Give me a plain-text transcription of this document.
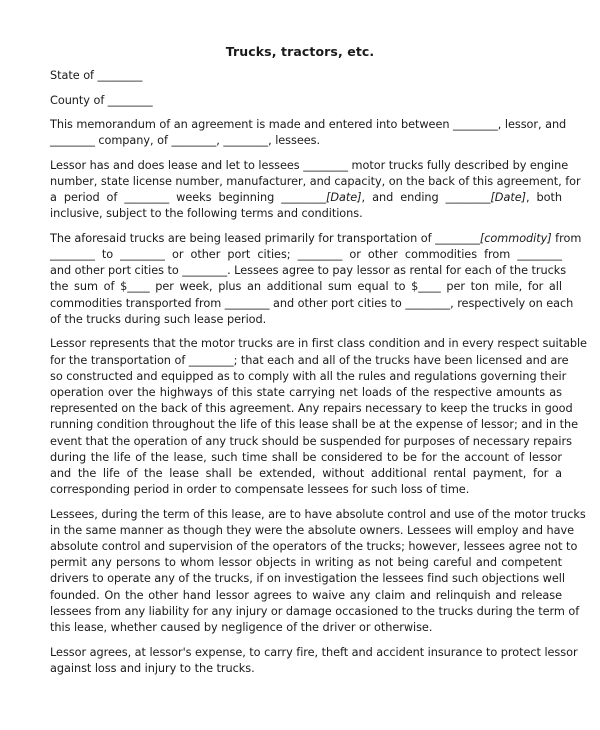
Trucks, tractors, etc.

State of ________

County of ________

This memorandum of an agreement is made and entered into between ________, lessor, and
________ company, of ________, ________, lessees.

Lessor has and does lease and let to lessees ________ motor trucks fully described by engine
number, state license number, manufacturer, and capacity, on the back of this agreement, for
a period of ________ weeks beginning ________[Date], and ending ________[Date], both
inclusive, subject to the following terms and conditions.

The aforesaid trucks are being leased primarily for transportation of ________[commodity] from
________ to ________ or other port cities; ________ or other commodities from ________
and other port cities to ________. Lessees agree to pay lessor as rental for each of the trucks
the sum of $____ per week, plus an additional sum equal to $____ per ton mile, for all
commodities transported from ________ and other port cities to ________, respectively on each
of the trucks during such lease period.

Lessor represents that the motor trucks are in first class condition and in every respect suitable
for the transportation of ________; that each and all of the trucks have been licensed and are
so constructed and equipped as to comply with all the rules and regulations governing their
operation over the highways of this state carrying net loads of the respective amounts as
represented on the back of this agreement. Any repairs necessary to keep the trucks in good
running condition throughout the life of this lease shall be at the expense of lessor; and in the
event that the operation of any truck should be suspended for purposes of necessary repairs
during the life of the lease, such time shall be considered to be for the account of lessor
and the life of the lease shall be extended, without additional rental payment, for a
corresponding period in order to compensate lessees for such loss of time.

Lessees, during the term of this lease, are to have absolute control and use of the motor trucks
in the same manner as though they were the absolute owners. Lessees will employ and have
absolute control and supervision of the operators of the trucks; however, lessees agree not to
permit any persons to whom lessor objects in writing as not being careful and competent
drivers to operate any of the trucks, if on investigation the lessees find such objections well
founded. On the other hand lessor agrees to waive any claim and relinquish and release
lessees from any liability for any injury or damage occasioned to the trucks during the term of
this lease, whether caused by negligence of the driver or otherwise.

Lessor agrees, at lessor's expense, to carry fire, theft and accident insurance to protect lessor
against loss and injury to the trucks.
